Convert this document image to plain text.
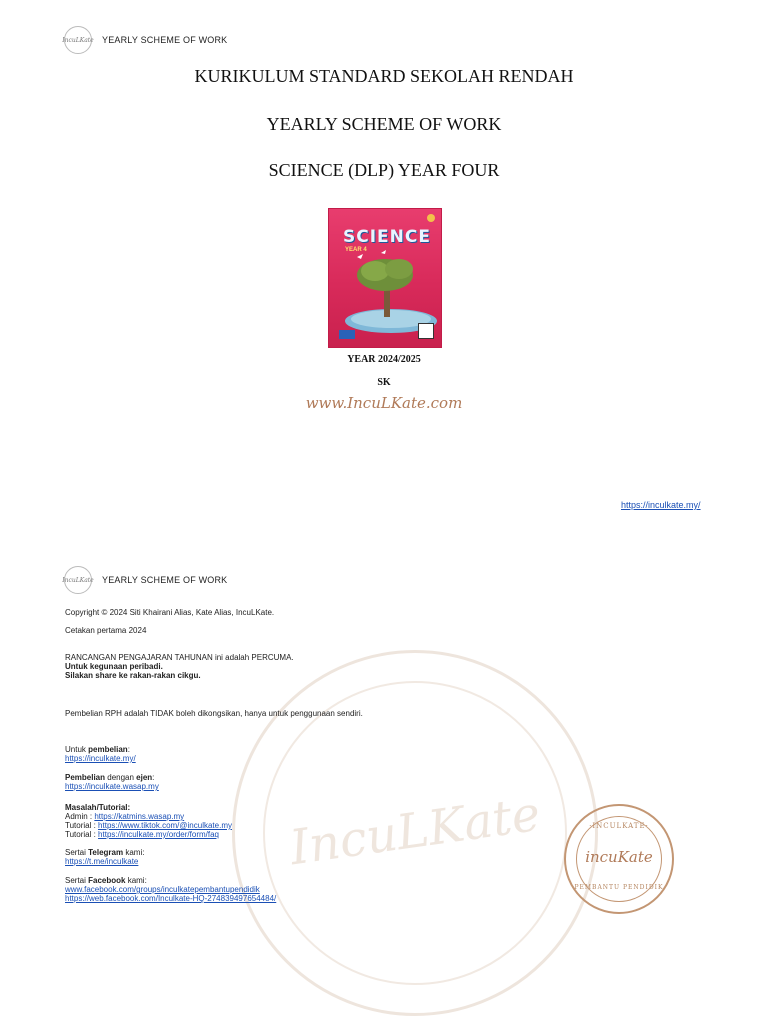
IncuLKate YEARLY SCHEME OF WORK
KURIKULUM STANDARD SEKOLAH RENDAH
YEARLY SCHEME OF WORK
SCIENCE (DLP) YEAR FOUR
SCIENCE
YEAR 4
YEAR 2024/2025
SK
www.IncuLKate.com
https://inculkate.my/
IncuLKate
IncuLKate YEARLY SCHEME OF WORK
Copyright © 2024 Siti Khairani Alias, Kate Alias, IncuLKate.
Cetakan pertama 2024
RANCANGAN PENGAJARAN TAHUNAN ini adalah PERCUMA.
Untuk kegunaan peribadi.
Silakan share ke rakan-rakan cikgu.
Pembelian RPH adalah TIDAK boleh dikongsikan, hanya untuk penggunaan sendiri.
Untuk pembelian:
https://inculkate.my/
Pembelian dengan ejen:
https://inculkate.wasap.my
Masalah/Tutorial:
Admin : https://katmins.wasap.my
Tutorial : https://www.tiktok.com/@inculkate.my
Tutorial : https://inculkate.my/order/form/faq
Sertai Telegram kami:
https://t.me/inculkate
Sertai Facebook kami:
www.facebook.com/groups/inculkatepembantupendidik
https://web.facebook.com/Inculkate-HQ-274839497654484/
·INCULKATE·
incuKate
PEMBANTU PENDIDIK
